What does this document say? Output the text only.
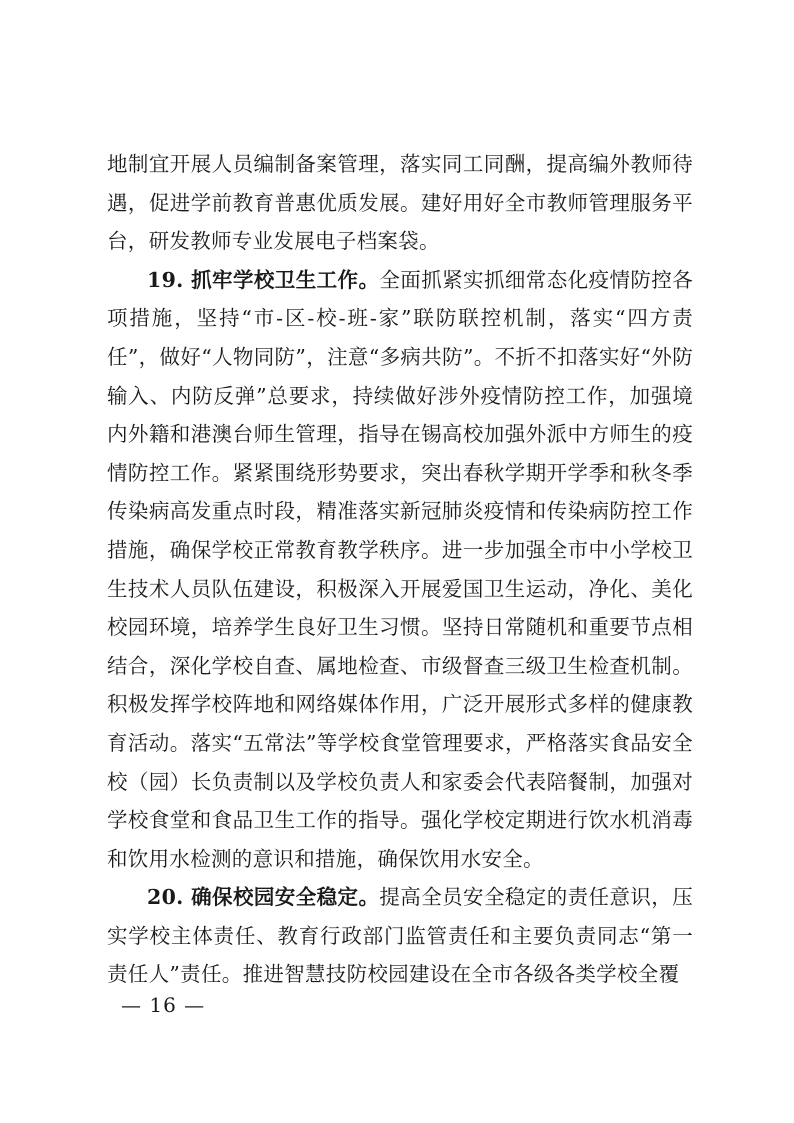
地制宜开展人员编制备案管理，落实同工同酬，提高编外教师待遇，促进学前教育普惠优质发展。建好用好全市教师管理服务平台，研发教师专业发展电子档案袋。

19. 抓牢学校卫生工作。全面抓紧实抓细常态化疫情防控各项措施，坚持“市-区-校-班-家”联防联控机制，落实“四方责任”，做好“人物同防”，注意“多病共防”。不折不扣落实好“外防输入、内防反弹”总要求，持续做好涉外疫情防控工作，加强境内外籍和港澳台师生管理，指导在锡高校加强外派中方师生的疫情防控工作。紧紧围绕形势要求，突出春秋学期开学季和秋冬季传染病高发重点时段，精准落实新冠肺炎疫情和传染病防控工作措施，确保学校正常教育教学秩序。进一步加强全市中小学校卫生技术人员队伍建设，积极深入开展爱国卫生运动，净化、美化校园环境，培养学生良好卫生习惯。坚持日常随机和重要节点相结合，深化学校自查、属地检查、市级督查三级卫生检查机制。积极发挥学校阵地和网络媒体作用，广泛开展形式多样的健康教育活动。落实“五常法”等学校食堂管理要求，严格落实食品安全校（园）长负责制以及学校负责人和家委会代表陪餐制，加强对学校食堂和食品卫生工作的指导。强化学校定期进行饮水机消毒和饮用水检测的意识和措施，确保饮用水安全。

20. 确保校园安全稳定。提高全员安全稳定的责任意识，压实学校主体责任、教育行政部门监管责任和主要负责同志“第一责任人”责任。推进智慧技防校园建设在全市各级各类学校全覆

— 16 —
